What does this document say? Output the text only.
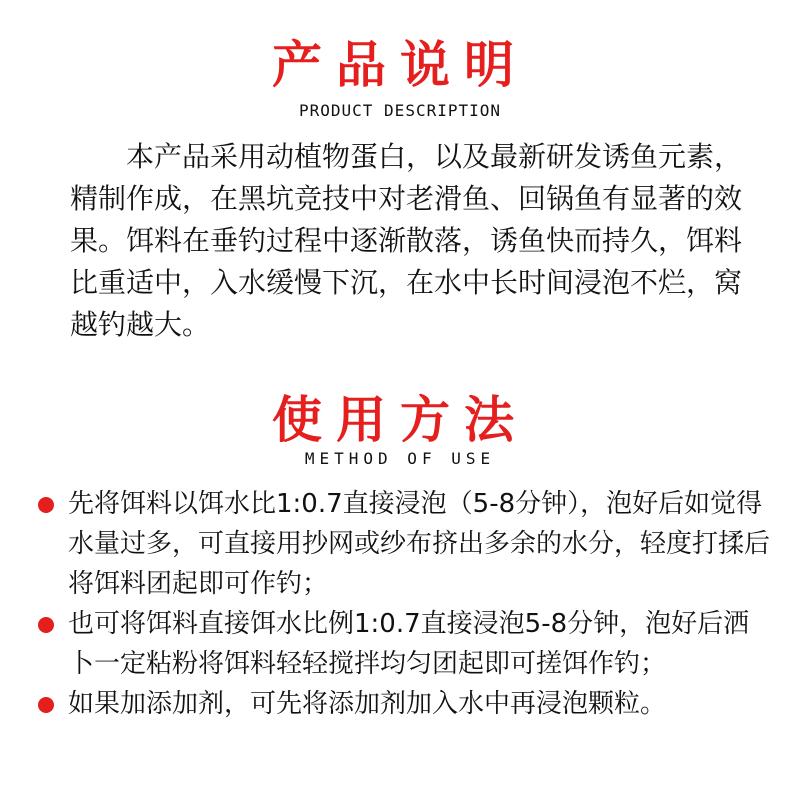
产品说明
PRODUCT DESCRIPTION

本产品采用动植物蛋白，以及最新研发诱鱼元素，精制作成，在黑坑竞技中对老滑鱼、回锅鱼有显著的效果。饵料在垂钓过程中逐渐散落，诱鱼快而持久，饵料比重适中，入水缓慢下沉，在水中长时间浸泡不烂，窝越钓越大。

使用方法
METHOD OF USE
先将饵料以饵水比1:0.7直接浸泡（5-8分钟），泡好后如觉得水量过多，可直接用抄网或纱布挤出多余的水分，轻度打揉后将饵料团起即可作钓；
也可将饵料直接饵水比例1:0.7直接浸泡5-8分钟，泡好后洒卜一定粘粉将饵料轻轻搅拌均匀团起即可搓饵作钓；
如果加添加剂，可先将添加剂加入水中再浸泡颗粒。
